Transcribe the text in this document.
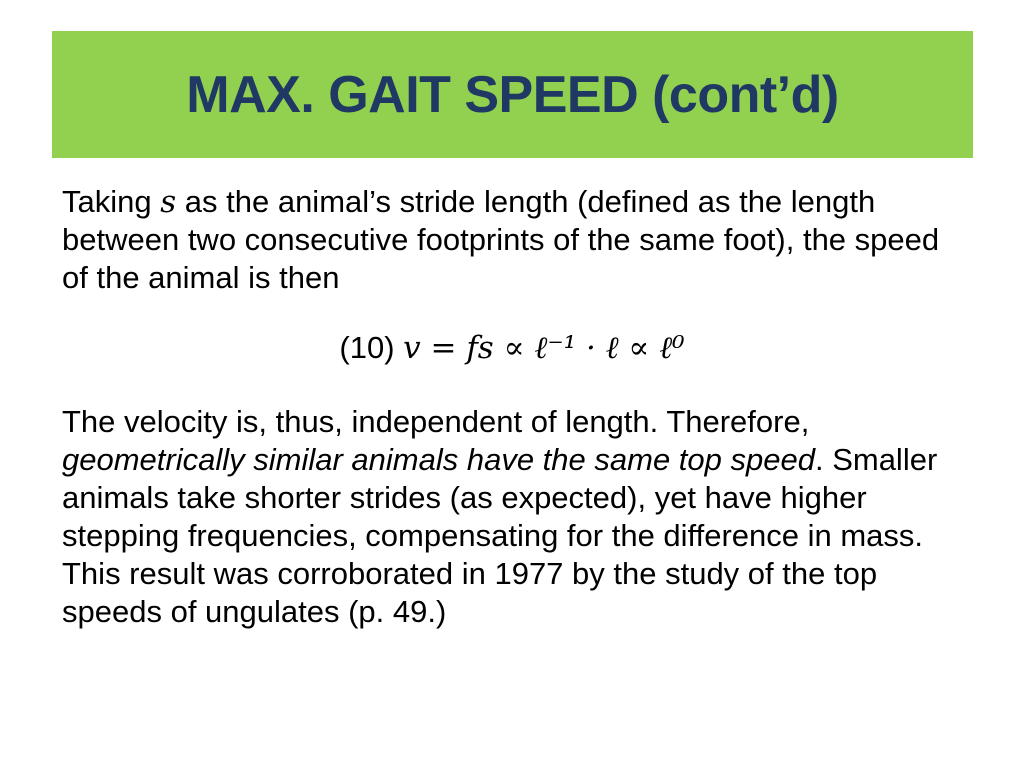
MAX. GAIT SPEED (cont’d)
Taking s as the animal’s stride length (defined as the length between two consecutive footprints of the same foot), the speed of the animal is then
(10) v = fs ∝ ℓ⁻¹ · ℓ ∝ ℓ⁰
The velocity is, thus, independent of length. Therefore, geometrically similar animals have the same top speed. Smaller animals take shorter strides (as expected), yet have higher stepping frequencies, compensating for the difference in mass. This result was corroborated in 1977 by the study of the top speeds of ungulates (p. 49.)
